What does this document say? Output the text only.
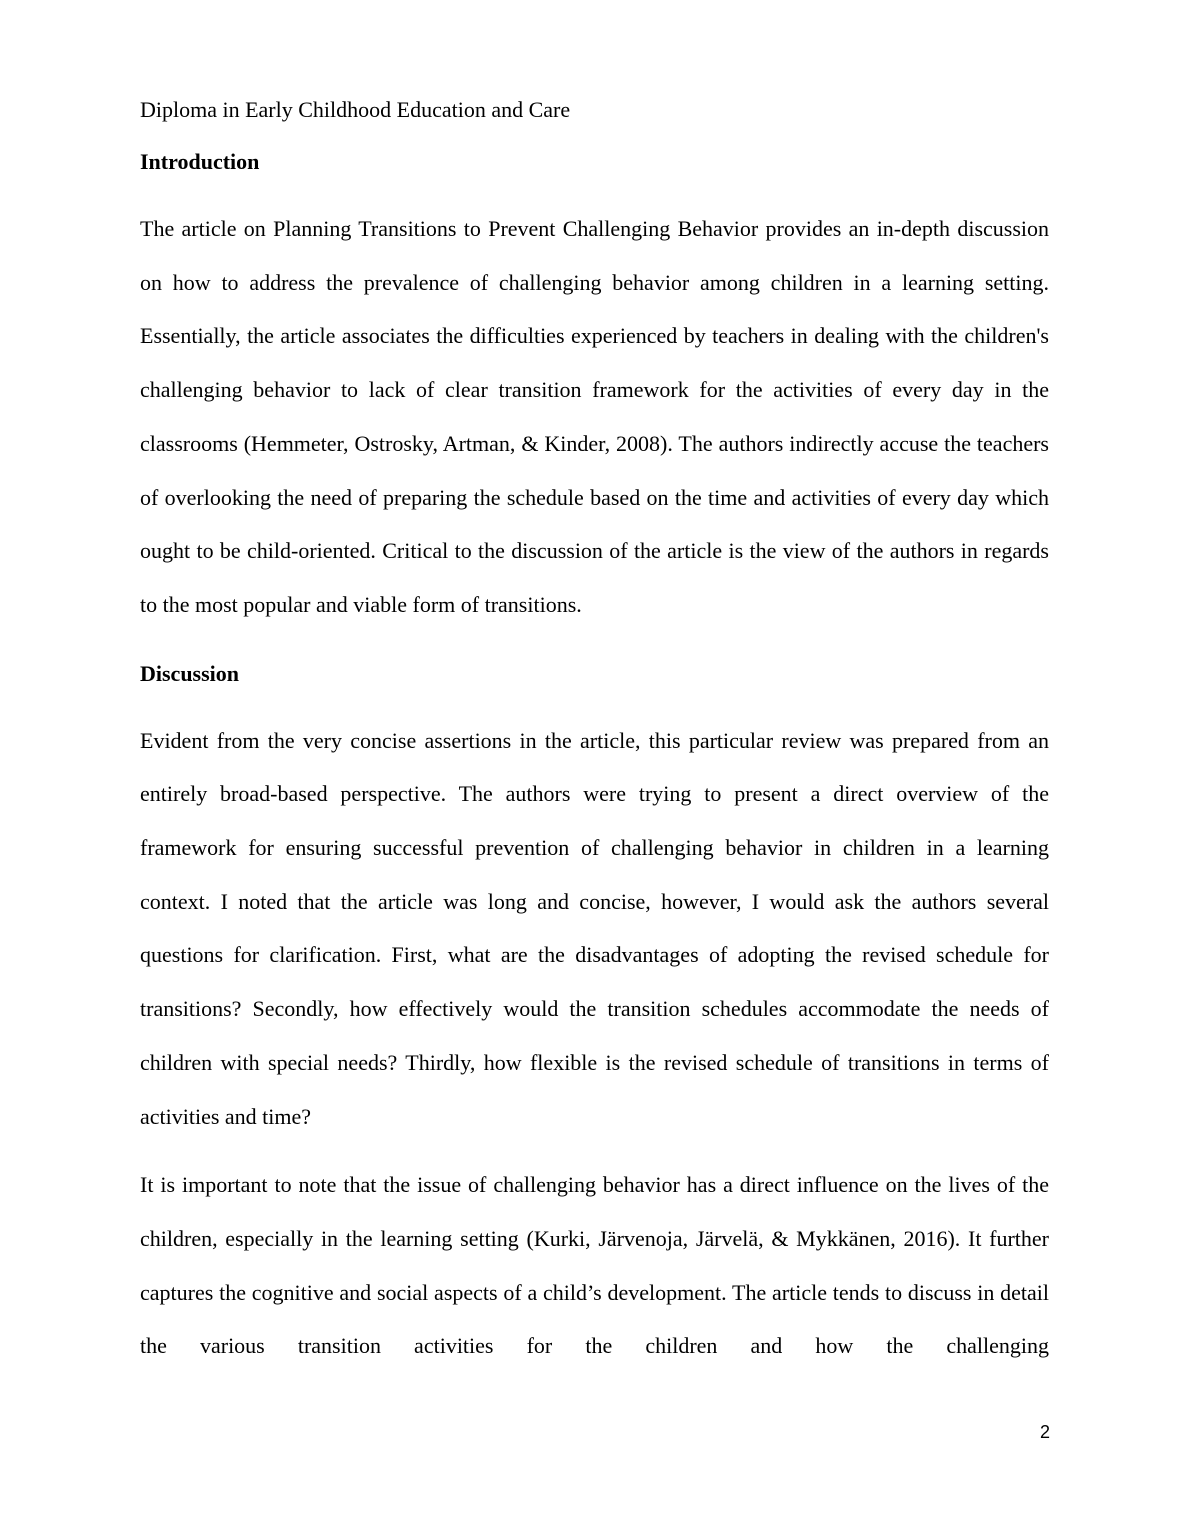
Diploma in Early Childhood Education and Care

Introduction

The article on Planning Transitions to Prevent Challenging Behavior provides an in-depth discussion on how to address the prevalence of challenging behavior among children in a learning setting. Essentially, the article associates the difficulties experienced by teachers in dealing with the children's challenging behavior to lack of clear transition framework for the activities of every day in the classrooms (Hemmeter, Ostrosky, Artman, & Kinder, 2008). The authors indirectly accuse the teachers of overlooking the need of preparing the schedule based on the time and activities of every day which ought to be child-oriented. Critical to the discussion of the article is the view of the authors in regards to the most popular and viable form of transitions.

Discussion

Evident from the very concise assertions in the article, this particular review was prepared from an entirely broad-based perspective. The authors were trying to present a direct overview of the framework for ensuring successful prevention of challenging behavior in children in a learning context. I noted that the article was long and concise, however, I would ask the authors several questions for clarification. First, what are the disadvantages of adopting the revised schedule for transitions? Secondly, how effectively would the transition schedules accommodate the needs of children with special needs? Thirdly, how flexible is the revised schedule of transitions in terms of activities and time?

It is important to note that the issue of challenging behavior has a direct influence on the lives of the children, especially in the learning setting (Kurki, Järvenoja, Järvelä, & Mykkänen, 2016). It further captures the cognitive and social aspects of a child’s development. The article tends to discuss in detail the various transition activities for the children and how the challenging

2
